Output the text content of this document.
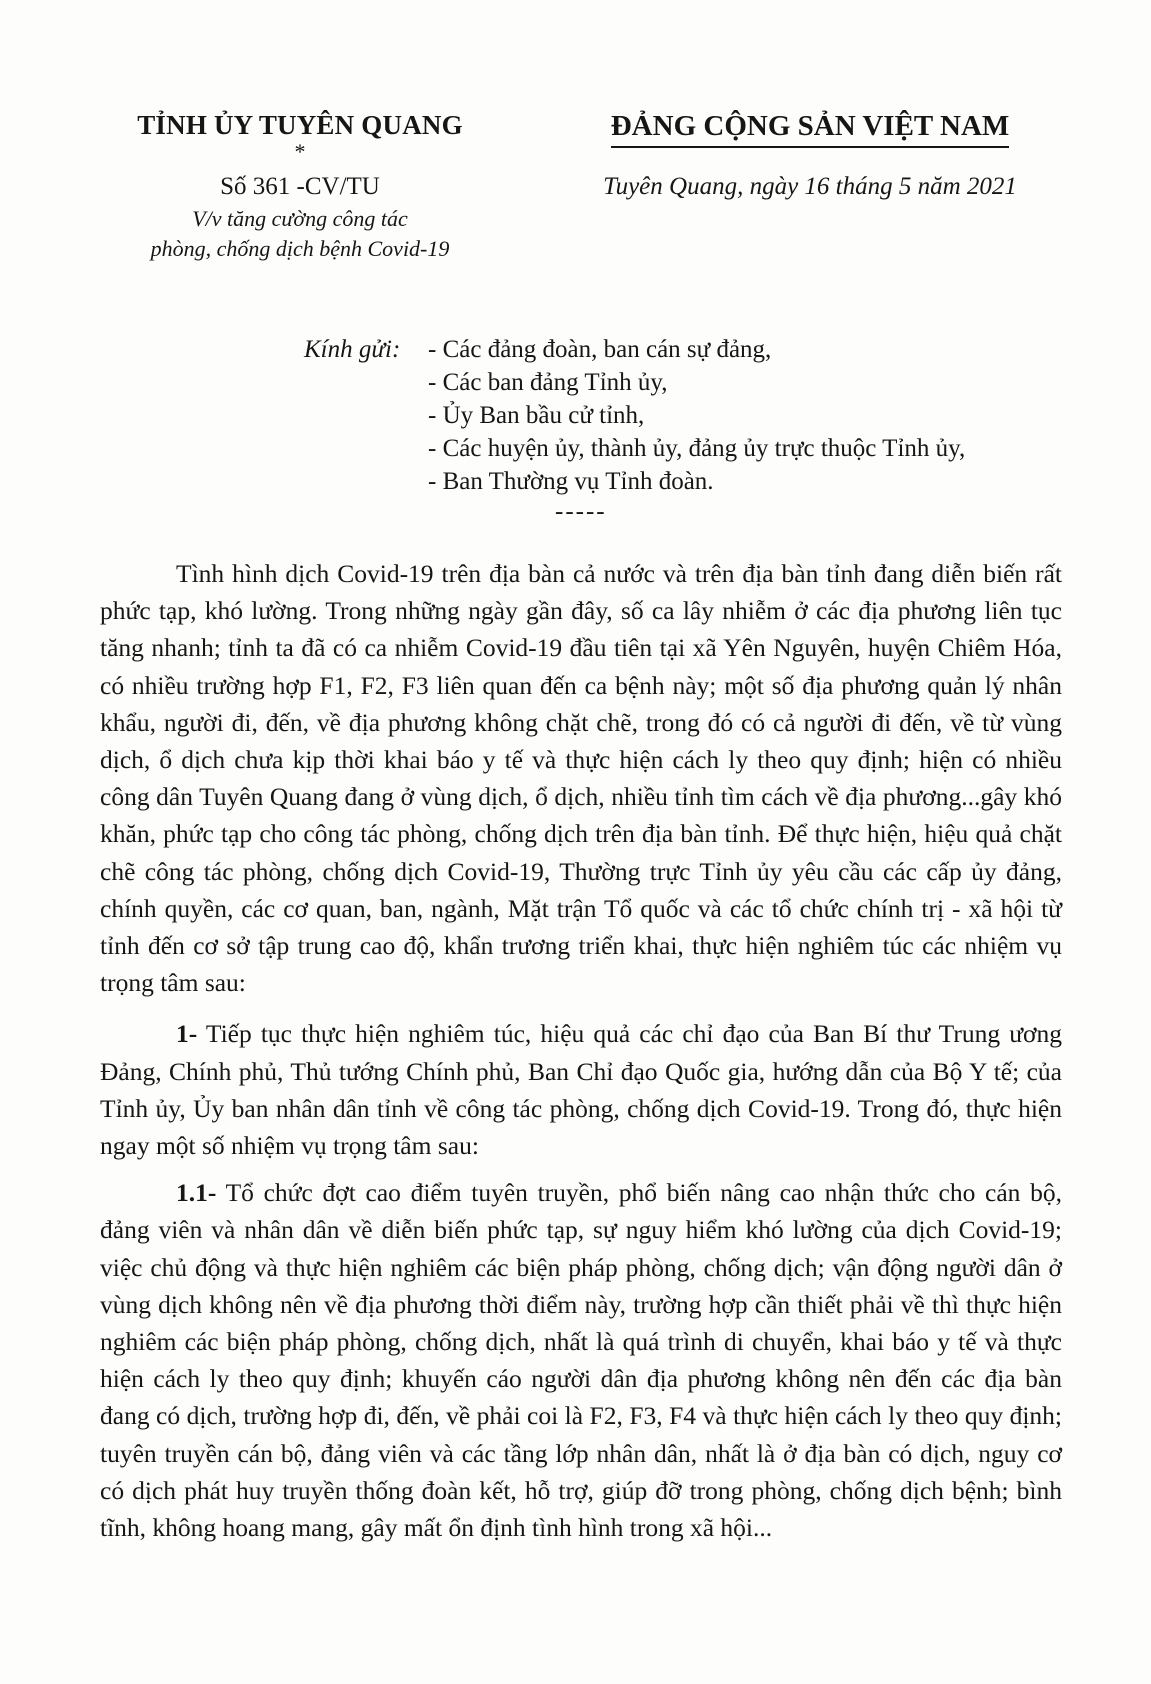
TỈNH ỦY TUYÊN QUANG
*
Số 361 -CV/TU
V/v tăng cường công tác
phòng, chống dịch bệnh Covid-19
ĐẢNG CỘNG SẢN VIỆT NAM
Tuyên Quang, ngày 16 tháng 5 năm 2021
Kính gửi:	- Các đảng đoàn, ban cán sự đảng,
- Các ban đảng Tỉnh ủy,
- Ủy Ban bầu cử tỉnh,
- Các huyện ủy, thành ủy, đảng ủy trực thuộc Tỉnh ủy,
- Ban Thường vụ Tỉnh đoàn.
-----

Tình hình dịch Covid-19 trên địa bàn cả nước và trên địa bàn tỉnh đang diễn biến rất phức tạp, khó lường. Trong những ngày gần đây, số ca lây nhiễm ở các địa phương liên tục tăng nhanh; tỉnh ta đã có ca nhiễm Covid-19 đầu tiên tại xã Yên Nguyên, huyện Chiêm Hóa, có nhiều trường hợp F1, F2, F3 liên quan đến ca bệnh này; một số địa phương quản lý nhân khẩu, người đi, đến, về địa phương không chặt chẽ, trong đó có cả người đi đến, về từ vùng dịch, ổ dịch chưa kịp thời khai báo y tế và thực hiện cách ly theo quy định; hiện có nhiều công dân Tuyên Quang đang ở vùng dịch, ổ dịch, nhiều tỉnh tìm cách về địa phương...gây khó khăn, phức tạp cho công tác phòng, chống dịch trên địa bàn tỉnh. Để thực hiện, hiệu quả chặt chẽ công tác phòng, chống dịch Covid-19, Thường trực Tỉnh ủy yêu cầu các cấp ủy đảng, chính quyền, các cơ quan, ban, ngành, Mặt trận Tổ quốc và các tổ chức chính trị - xã hội từ tỉnh đến cơ sở tập trung cao độ, khẩn trương triển khai, thực hiện nghiêm túc các nhiệm vụ trọng tâm sau:

1- Tiếp tục thực hiện nghiêm túc, hiệu quả các chỉ đạo của Ban Bí thư Trung ương Đảng, Chính phủ, Thủ tướng Chính phủ, Ban Chỉ đạo Quốc gia, hướng dẫn của Bộ Y tế; của Tỉnh ủy, Ủy ban nhân dân tỉnh về công tác phòng, chống dịch Covid-19. Trong đó, thực hiện ngay một số nhiệm vụ trọng tâm sau:

1.1- Tổ chức đợt cao điểm tuyên truyền, phổ biến nâng cao nhận thức cho cán bộ, đảng viên và nhân dân về diễn biến phức tạp, sự nguy hiểm khó lường của dịch Covid-19; việc chủ động và thực hiện nghiêm các biện pháp phòng, chống dịch; vận động người dân ở vùng dịch không nên về địa phương thời điểm này, trường hợp cần thiết phải về thì thực hiện nghiêm các biện pháp phòng, chống dịch, nhất là quá trình di chuyển, khai báo y tế và thực hiện cách ly theo quy định; khuyến cáo người dân địa phương không nên đến các địa bàn đang có dịch, trường hợp đi, đến, về phải coi là F2, F3, F4 và thực hiện cách ly theo quy định; tuyên truyền cán bộ, đảng viên và các tầng lớp nhân dân, nhất là ở địa bàn có dịch, nguy cơ có dịch phát huy truyền thống đoàn kết, hỗ trợ, giúp đỡ trong phòng, chống dịch bệnh; bình tĩnh, không hoang mang, gây mất ổn định tình hình trong xã hội...
